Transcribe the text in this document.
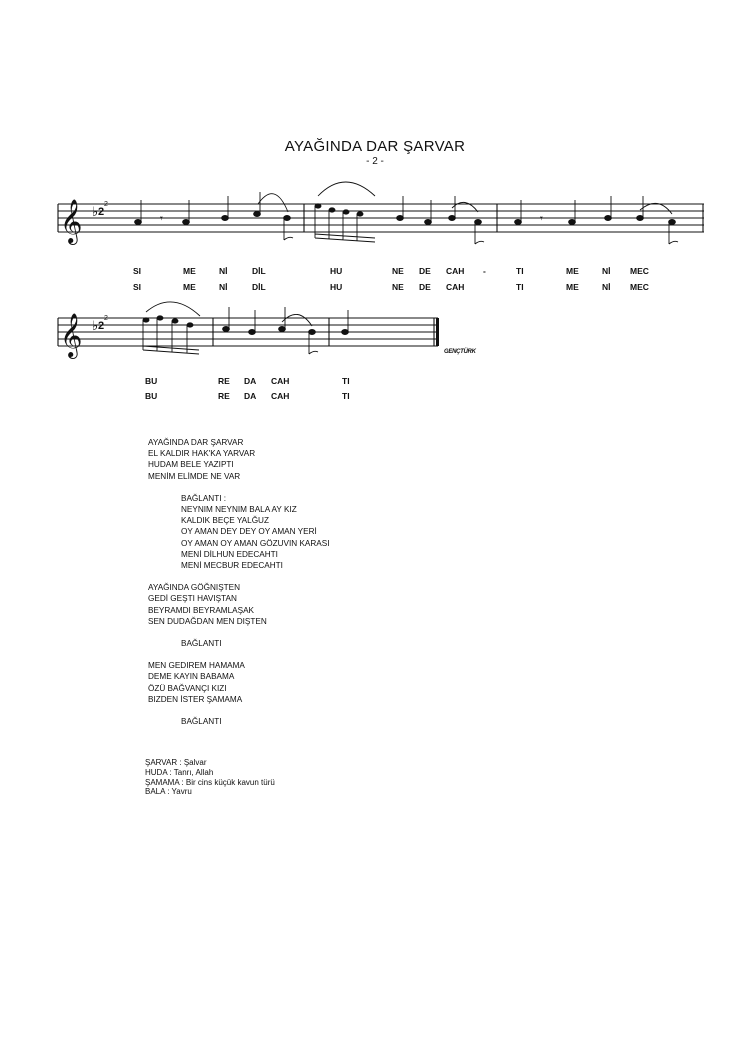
AYAĞINDA DAR ŞARVAR
- 2 -
𝄞
𝄞
♭
♭
2
2
2
2
𝄾	𝄾
GENÇTÜRK
SI	ME	Nİ	DİL	HU	NE DE CAH -	TI	ME	Nİ MEC
SI	ME	Nİ	DİL	HU	NE DE CAH	TI	ME	Nİ MEC
BU	RE DA CAH	TI
BU	RE DA CAH	TI
AYAĞINDA DAR ŞARVAR
EL KALDIR HAK'KA YARVAR
HUDAM BELE YAZIPTI
MENİM ELİMDE NE VAR
BAĞLANTI :
NEYNIM NEYNIM BALA AY KIZ
KALDIK BEÇE YALĞUZ
OY AMAN DEY DEY OY AMAN YERİ
OY AMAN OY AMAN GÖZUVIN KARASI
MENİ DİLHUN EDECAHTI
MENİ MECBUR EDECAHTI
AYAĞINDA GÖĞNIŞTEN
GEDİ GEŞTI HAVIŞTAN
BEYRAMDI BEYRAMLAŞAK
SEN DUDAĞDAN MEN DIŞTEN
BAĞLANTI
MEN GEDIREM HAMAMA
DEME KAYIN BABAMA
ÖZÜ BAĞVANÇI KIZI
BIZDEN İSTER ŞAMAMA
BAĞLANTI
ŞARVAR : Şalvar
HUDA : Tanrı, Allah
ŞAMAMA : Bir cins küçük kavun türü
BALA : Yavru
